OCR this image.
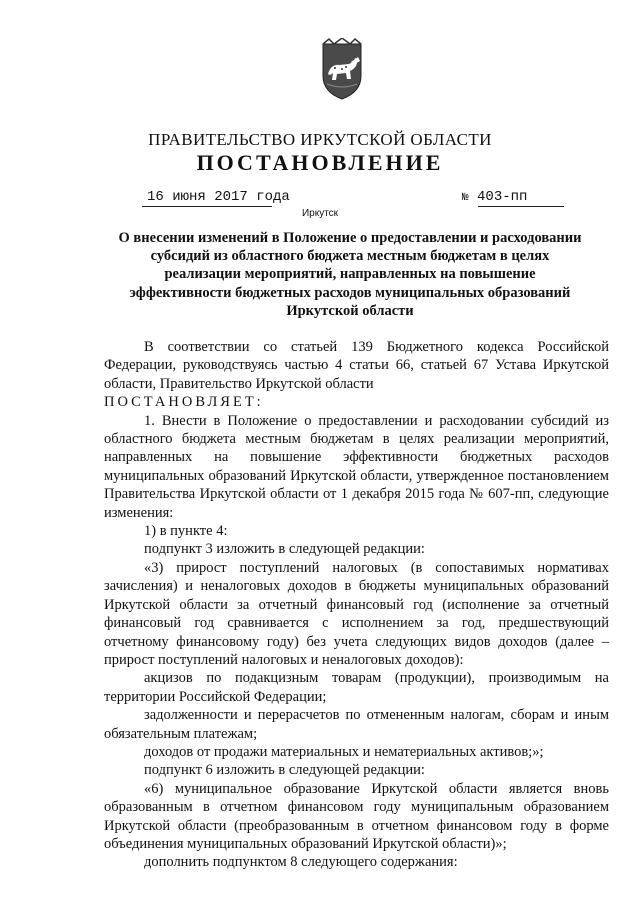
ПРАВИТЕЛЬСТВО ИРКУТСКОЙ ОБЛАСТИ
ПОСТАНОВЛЕНИЕ
16 июня 2017 года	№ 403-пп
Иркутск
О внесении изменений в Положение о предоставлении и расходовании
субсидий из областного бюджета местным бюджетам в целях
реализации мероприятий, направленных на повышение
эффективности бюджетных расходов муниципальных образований
Иркутской области

В соответствии со статьей 139 Бюджетного кодекса Российской Федерации, руководствуясь частью 4 статьи 66, статьей 67 Устава Иркутской области, Правительство Иркутской области

ПОСТАНОВЛЯЕТ:

1. Внести в Положение о предоставлении и расходовании субсидий из областного бюджета местным бюджетам в целях реализации мероприятий, направленных на повышение эффективности бюджетных расходов муниципальных образований Иркутской области, утвержденное постановлением Правительства Иркутской области от 1 декабря 2015 года № 607-пп, следующие изменения:

1) в пункте 4:

подпункт 3 изложить в следующей редакции:

«3) прирост поступлений налоговых (в сопоставимых нормативах зачисления) и неналоговых доходов в бюджеты муниципальных образований Иркутской области за отчетный финансовый год (исполнение за отчетный финансовый год сравнивается с исполнением за год, предшествующий отчетному финансовому году) без учета следующих видов доходов (далее – прирост поступлений налоговых и неналоговых доходов):

акцизов по подакцизным товарам (продукции), производимым на территории Российской Федерации;

задолженности и перерасчетов по отмененным налогам, сборам и иным обязательным платежам;

доходов от продажи материальных и нематериальных активов;»;

подпункт 6 изложить в следующей редакции:

«6) муниципальное образование Иркутской области является вновь образованным в отчетном финансовом году муниципальным образованием Иркутской области (преобразованным в отчетном финансовом году в форме объединения муниципальных образований Иркутской области)»;

дополнить подпунктом 8 следующего содержания:
